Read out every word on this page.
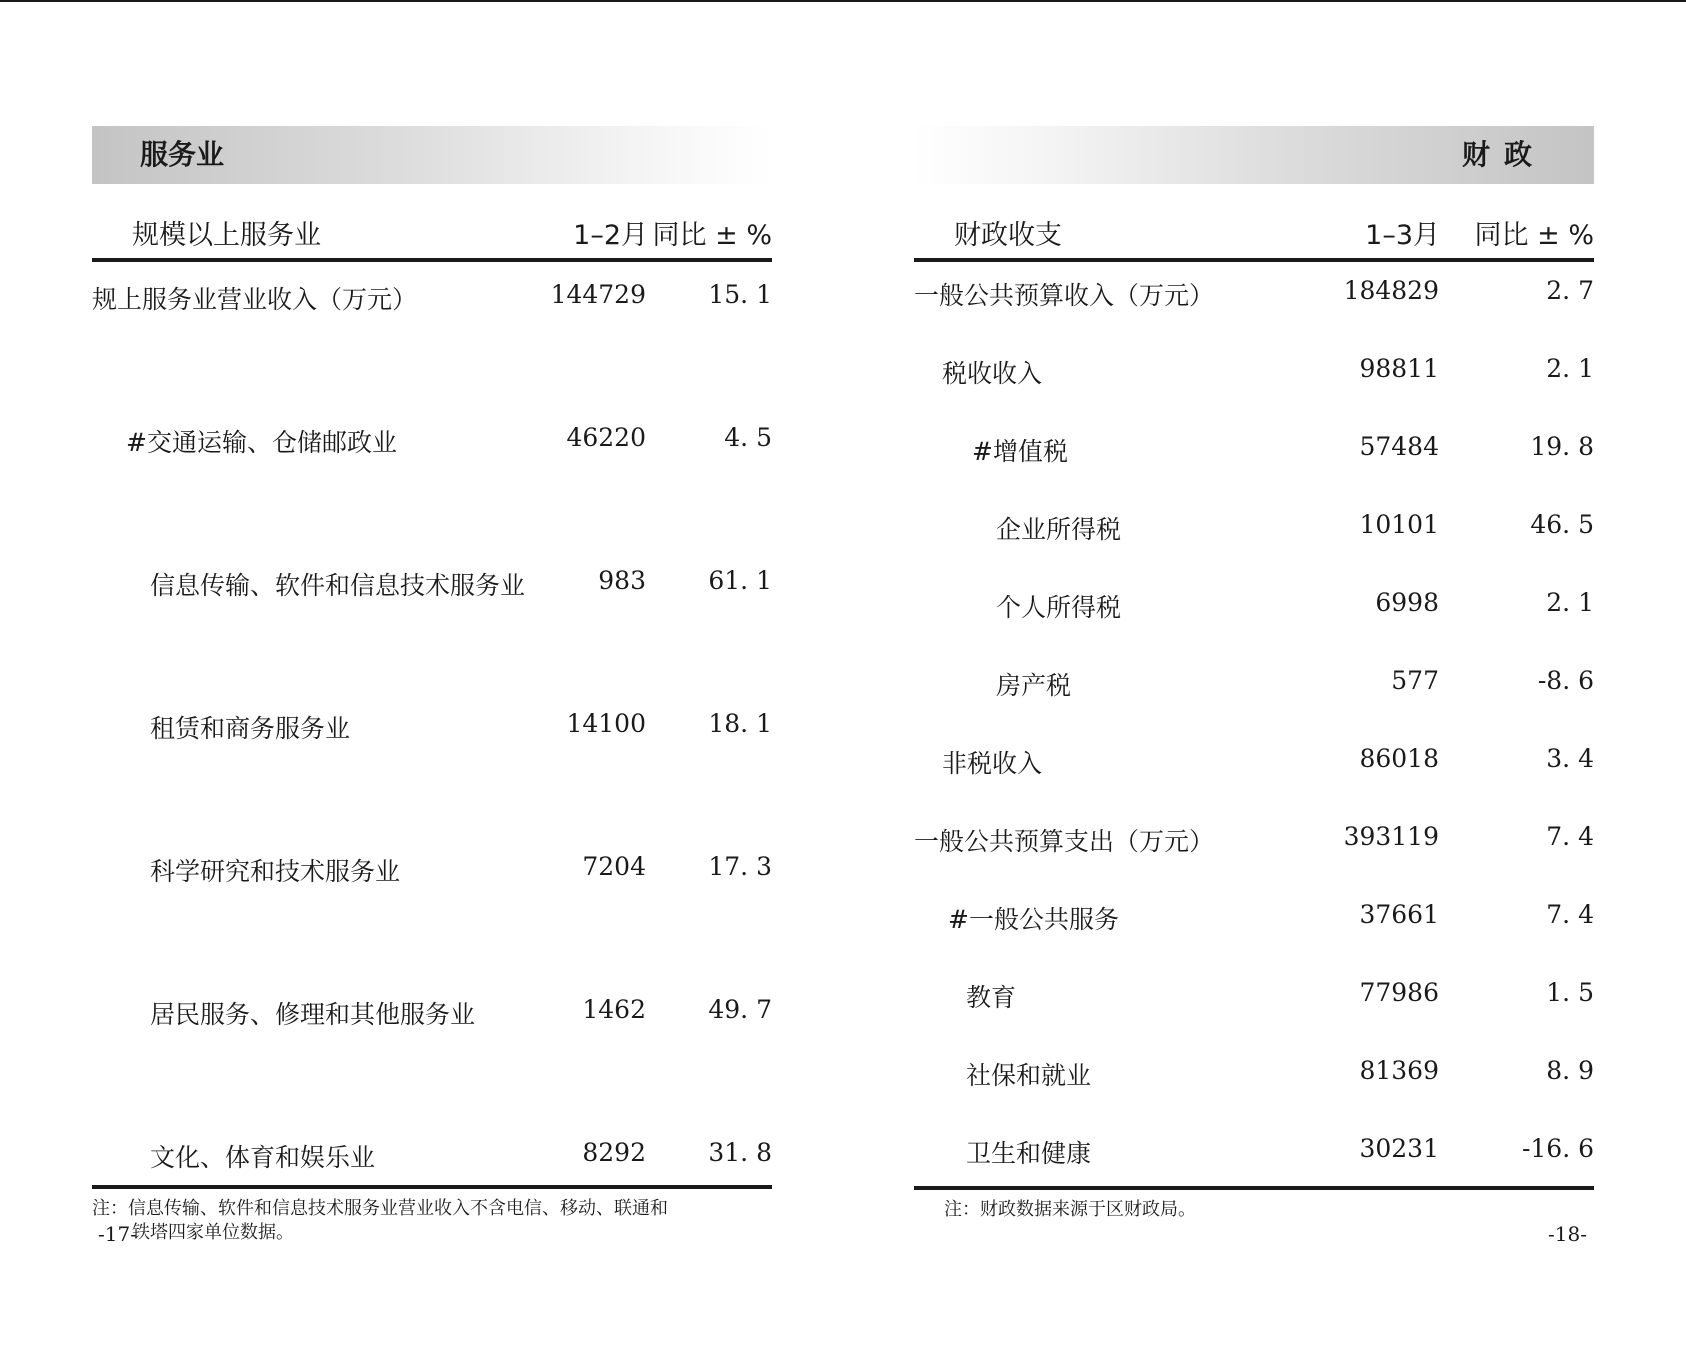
服务业
规模以上服务业	1–2月 同比 ± %
规上服务业营业收入（万元）	144729	15. 1
#交通运输、仓储邮政业	46220	4. 5
信息传输、软件和信息技术服务业	983	61. 1
租赁和商务服务业	14100	18. 1
科学研究和技术服务业	7204	17. 3
居民服务、修理和其他服务业	1462	49. 7
文化、体育和娱乐业	8292	31. 8
注：信息传输、软件和信息技术服务业营业收入不含电信、移动、联通和
铁塔四家单位数据。
财政
财政收支	1–3月 同比 ± %
一般公共预算收入（万元）	184829	2. 7
税收收入	98811	2. 1
#增值税	57484	19. 8
企业所得税	10101	46. 5
个人所得税	6998	2. 1
房产税	577	-8. 6
非税收入	86018	3. 4
一般公共预算支出（万元）	393119	7. 4
#一般公共服务	37661	7. 4
教育	77986	1. 5
社保和就业	81369	8. 9
卫生和健康	30231	-16. 6
注：财政数据来源于区财政局。
-17-	-18-
